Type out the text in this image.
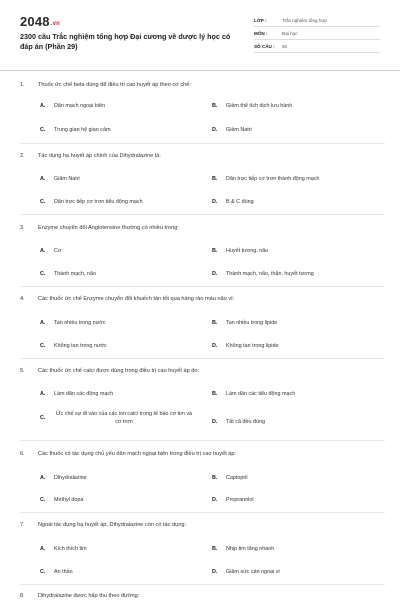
2048.vn
2300 câu Trắc nghiệm tổng hợp Đại cương về dược lý học có đáp án (Phần 29)
LỚP :	Trắc nghiệm tổng hợp
MÔN :	Đại học
SỐ CÂU :	50
1. Thuốc ức chế beta dùng để điều trị cao huyết áp theo cơ chế:
A.	Dãn mạch ngoại biên	B.	Giảm thể tích dịch lưu hành
C.	Trung gian hệ giao cảm	D.	Giảm Natri
2. Tác dụng hạ huyết áp chính của Dihydralazine là:
A.	Giảm Natri	B.	Dãn trực tiếp cơ trơn thành động mạch
C.	Dãn trực tiếp cơ trơn tiểu động mạch	D.	B & C đúng
3. Enzyme chuyển đổi Angiotensine thường có nhiều trong:
A.	Cơ	B.	Huyết tương, não
C.	Thành mạch, não	D.	Thành mạch, não, thận, huyết tương
4. Các thuốc ức chế Enzyme chuyển đổi khuếch tán tốt qua hàng rào máu não vì:
A.	Tan nhiều trong nước	B.	Tan nhiều trong lipide
C.	Không tan trong nước	D.	Không tan trong lipide
5. Các thuốc ức chế calci được dùng trong điều trị cao huyết áp do:
A.	Làm dãn các động mạch	B.	Làm dãn các tiểu động mạch
C.
Ức chế sự đi vào của các ion calci trong tế bào cơ tim và cơ trơn	D.	Tất cả đều đúng
6. Các thuốc có tác dụng chủ yếu dãn mạch ngoại biên trong điều trị cao huyết áp:
A.	Dihydralazine	B.	Captopril
C.	Methyl dopa	D.	Propranolol
7. Ngoài tác dụng hạ huyết áp, Dihydralazine còn có tác dụng:
A.	Kích thích tim	B.	Nhịp tim tăng nhanh
C.	An thần	D.	Giảm sức cản ngoại vi
8. Dihydralazine được hấp thu theo đường:
